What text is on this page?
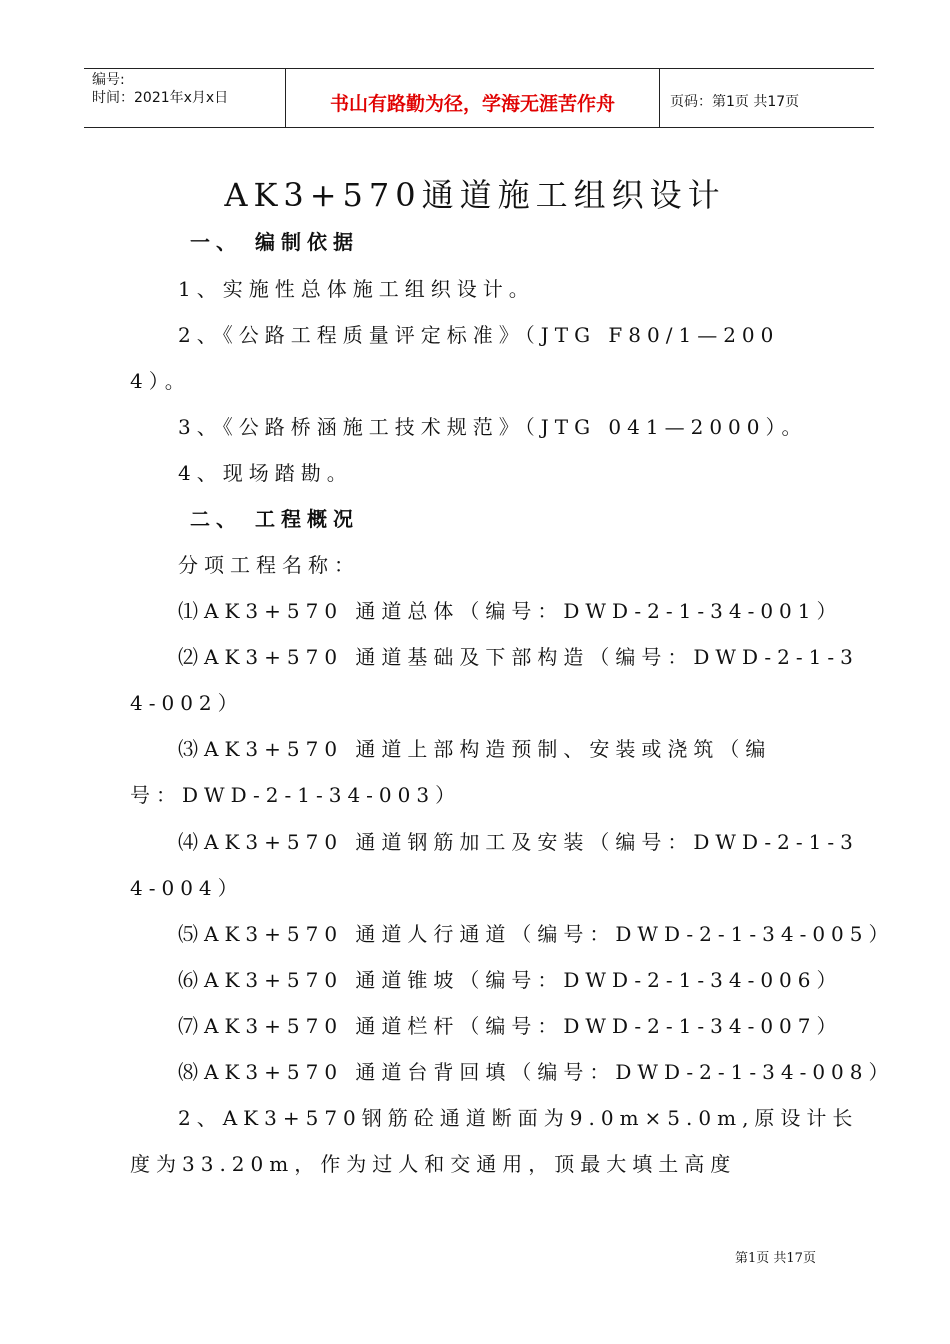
编号:
时间：2021年x月x日	书山有路勤为径，学海无涯苦作舟	页码：第1页 共17页
AK3+570通道施工组织设计
一、 编制依据
1、实施性总体施工组织设计。
2、《公路工程质量评定标准》（JTG F80/1—200
4）。
3、《公路桥涵施工技术规范》（JTG 041—2000）。
4、现场踏勘。
二、 工程概况
分项工程名称：
⑴AK3+570 通道总体（编号：DWD-2-1-34-001）
⑵AK3+570 通道基础及下部构造（编号：DWD-2-1-3
4-002）
⑶AK3+570 通道上部构造预制、安装或浇筑（编
号：DWD-2-1-34-003）
⑷AK3+570 通道钢筋加工及安装（编号：DWD-2-1-3
4-004）
⑸AK3+570 通道人行通道（编号：DWD-2-1-34-005）
⑹AK3+570 通道锥坡（编号：DWD-2-1-34-006）
⑺AK3+570 通道栏杆（编号：DWD-2-1-34-007）
⑻AK3+570 通道台背回填（编号：DWD-2-1-34-008）
2、AK3+570钢筋砼通道断面为9.0m×5.0m,原设计长
度为33.20m，作为过人和交通用，顶最大填土高度
第1页 共17页
